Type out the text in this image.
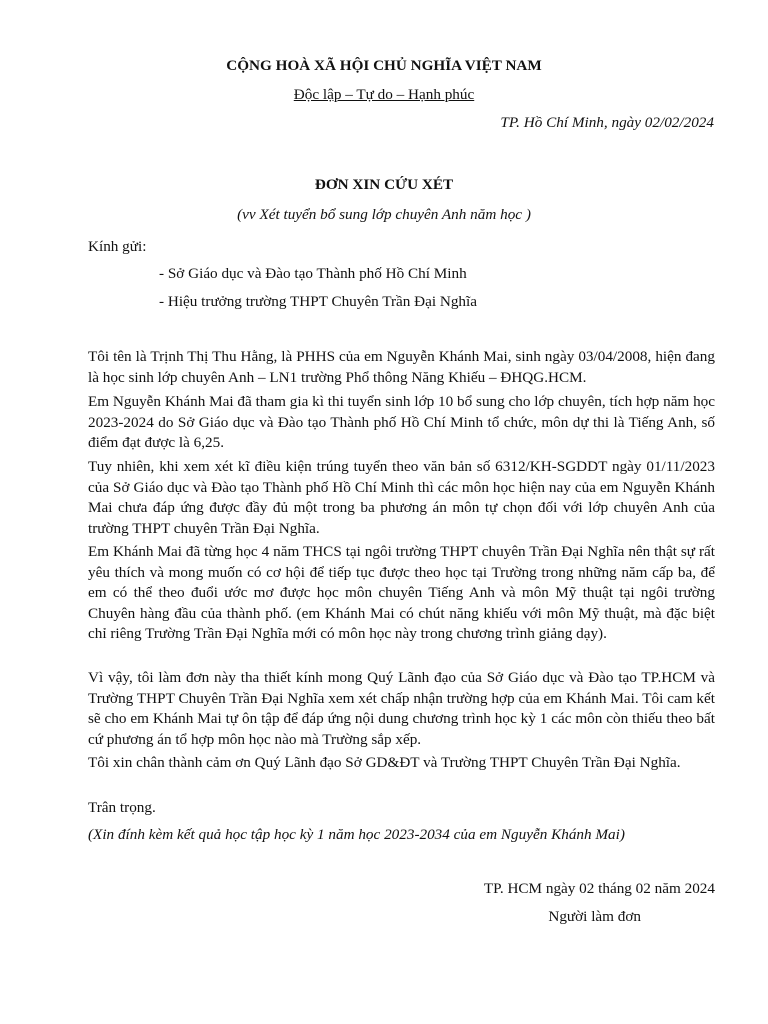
CỘNG HOÀ XÃ HỘI CHỦ NGHĨA VIỆT NAM
Độc lập – Tự do – Hạnh phúc
TP. Hồ Chí Minh, ngày 02/02/2024
ĐƠN XIN CỨU XÉT
(vv Xét tuyển bổ sung lớp chuyên Anh năm học )
Kính gửi:
- Sở Giáo dục và Đào tạo Thành phố Hồ Chí Minh
- Hiệu trưởng trường THPT Chuyên Trần Đại Nghĩa

Tôi tên là Trịnh Thị Thu Hằng, là PHHS của em Nguyễn Khánh Mai, sinh ngày 03/04/2008, hiện đang là học sinh lớp chuyên Anh – LN1 trường Phổ thông Năng Khiếu – ĐHQG.HCM.

Em Nguyễn Khánh Mai đã tham gia kì thi tuyển sinh lớp 10 bổ sung cho lớp chuyên, tích hợp năm học 2023-2024 do Sở Giáo dục và Đào tạo Thành phố Hồ Chí Minh tổ chức, môn dự thi là Tiếng Anh, số điểm đạt được là 6,25.

Tuy nhiên, khi xem xét kĩ điều kiện trúng tuyển theo văn bản số 6312/KH-SGDDT ngày 01/11/2023 của Sở Giáo dục và Đào tạo Thành phố Hồ Chí Minh thì các môn học hiện nay của em Nguyễn Khánh Mai chưa đáp ứng được đầy đủ một trong ba phương án môn tự chọn đối với lớp chuyên Anh của trường THPT chuyên Trần Đại Nghĩa.

Em Khánh Mai đã từng học 4 năm THCS tại ngôi trường THPT chuyên Trần Đại Nghĩa nên thật sự rất yêu thích và mong muốn có cơ hội để tiếp tục được theo học tại Trường trong những năm cấp ba, để em có thể theo đuổi ước mơ được học môn chuyên Tiếng Anh và môn Mỹ thuật tại ngôi trường Chuyên hàng đầu của thành phố. (em Khánh Mai có chút năng khiếu với môn Mỹ thuật, mà đặc biệt chỉ riêng Trường Trần Đại Nghĩa mới có môn học này trong chương trình giảng dạy).

Vì vậy, tôi làm đơn này tha thiết kính mong Quý Lãnh đạo của Sở Giáo dục và Đào tạo TP.HCM và Trường THPT Chuyên Trần Đại Nghĩa xem xét chấp nhận trường hợp của em Khánh Mai. Tôi cam kết sẽ cho em Khánh Mai tự ôn tập để đáp ứng nội dung chương trình học kỳ 1 các môn còn thiếu theo bất cứ phương án tổ hợp môn học nào mà Trường sắp xếp.

Tôi xin chân thành cảm ơn Quý Lãnh đạo Sở GD&ĐT và Trường THPT Chuyên Trần Đại Nghĩa.

Trân trọng.
(Xin đính kèm kết quả học tập học kỳ 1 năm học 2023-2034 của em Nguyễn Khánh Mai)
TP. HCM ngày 02 tháng 02 năm 2024
Người làm đơn
